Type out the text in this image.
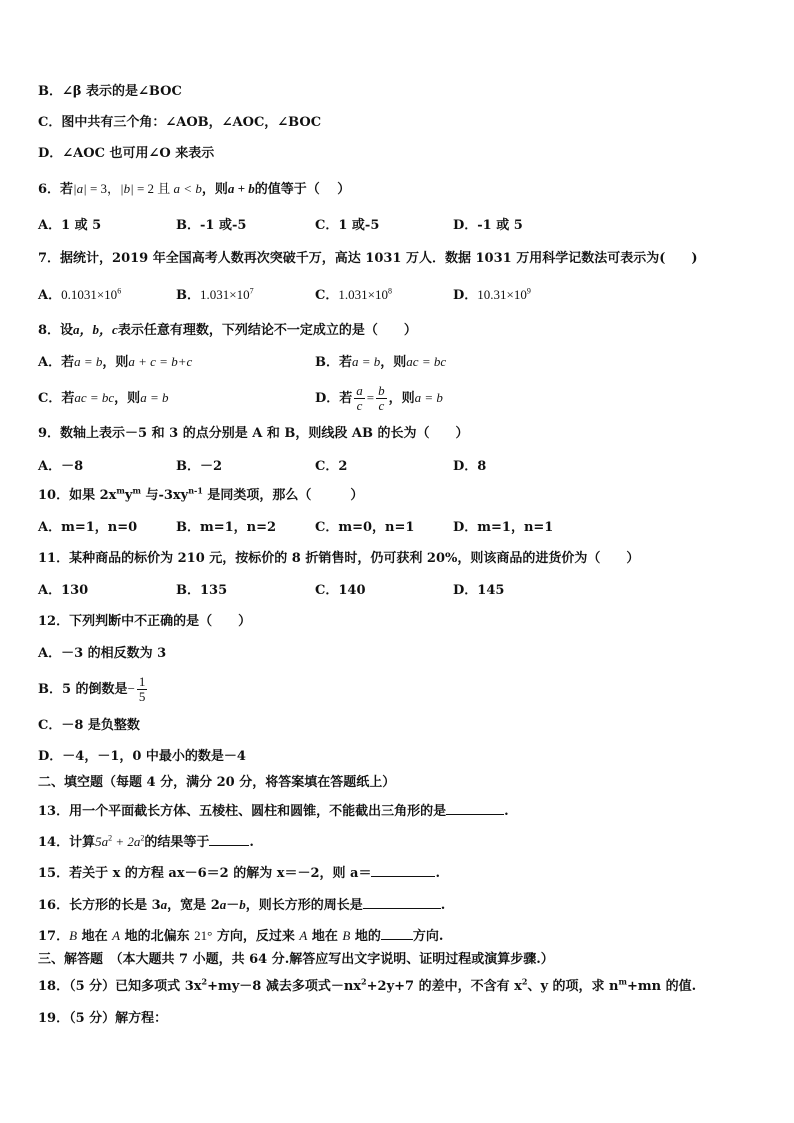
B．∠β 表示的是∠BOC
C．图中共有三个角：∠AOB，∠AOC，∠BOC
D．∠AOC 也可用∠O 来表示
6．若|a| = 3，|b| = 2 且 a < b，则a + b的值等于（　 ）
A．1 或 5	B．-1 或-5	C．1 或-5	D．-1 或 5
7．据统计，2019 年全国高考人数再次突破千万，高达 1031 万人．数据 1031 万用科学记数法可表示为(　　)
A．$0.1031\times 10^6$	B．$1.031\times 10^7$	C．$1.031\times 10^8$	D．$10.31\times 10^9$
8．设a，b，c表示任意有理数，下列结论不一定成立的是（　　）
A．若a = b，则a + c = b+c	B．若a = b，则ac = bc
C．若ac = bc，则a = b	D．若 $\frac{a}{c} = \frac{b}{c}$ ，则a = b
9．数轴上表示－5 和 3 的点分别是 A 和 B，则线段 AB 的长为（　　）
A．－8	B．－2	C．2	D．8
10．如果 $2x^my^m$ 与$-3xy^{n-1}$ 是同类项，那么（　　　）
A．m=1，n=0	B．m=1，n=2	C．m=0，n=1	D．m=1，n=1
11．某种商品的标价为 210 元，按标价的 8 折销售时，仍可获利 20%，则该商品的进货价为（　　）
A．130	B．135	C．140	D．145
12．下列判断中不正确的是（　　）
A．－3 的相反数为 3
B．5 的倒数是− $\frac{1}{5}$
C．－8 是负整数
D．－4，－1，0 中最小的数是－4
二、填空题（每题 4 分，满分 20 分，将答案填在答题纸上）
13．用一个平面截长方体、五棱柱、圆柱和圆锥，不能截出三角形的是	.
14．计算$5a^2 + 2a^2$的结果等于	.
15．若关于 x 的方程 ax－6＝2 的解为 x＝－2，则 a＝	.
16．长方形的长是 3a，宽是 2a－b，则长方形的周长是	.
17．B 地在 A 地的北偏东 21° 方向，反过来 A 地在 B 地的 方向.
三、解答题　（本大题共 7 小题，共 64 分.解答应写出文字说明、证明过程或演算步骤.）
18．（5 分）已知多项式 $3x^2+my-8$ 减去多项式$-nx^2+2y+7$ 的差中，不含有 $x^2$、y 的项，求 $n^m+mn$ 的值.
19．（5 分）解方程：
